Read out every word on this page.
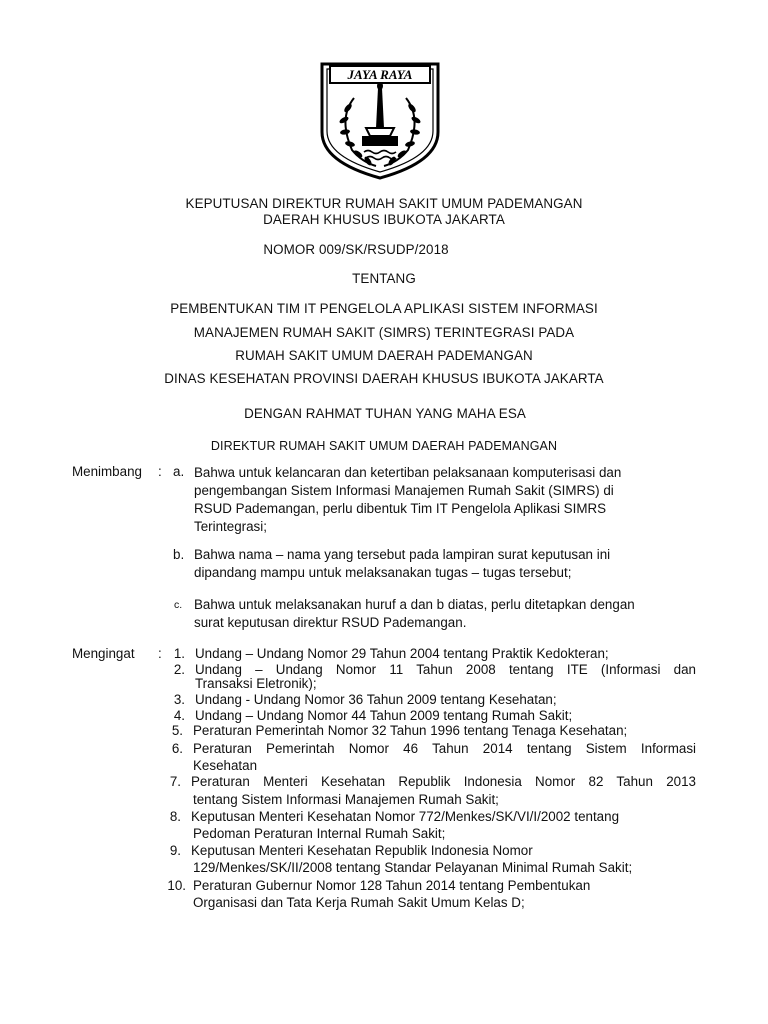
JAYA RAYA
KEPUTUSAN DIREKTUR RUMAH SAKIT UMUM PADEMANGAN
DAERAH KHUSUS IBUKOTA JAKARTA
NOMOR 009/SK/RSUDP/2018
TENTANG
PEMBENTUKAN TIM IT PENGELOLA APLIKASI SISTEM INFORMASI
MANAJEMEN RUMAH SAKIT (SIMRS) TERINTEGRASI PADA
RUMAH SAKIT UMUM DAERAH PADEMANGAN
DINAS KESEHATAN PROVINSI DAERAH KHUSUS IBUKOTA JAKARTA
DENGAN RAHMAT TUHAN YANG MAHA ESA
DIREKTUR RUMAH SAKIT UMUM DAERAH PADEMANGAN
Menimbang : a. Bahwa untuk kelancaran dan ketertiban pelaksanaan komputerisasi dan
pengembangan Sistem Informasi Manajemen Rumah Sakit (SIMRS) di
RSUD Pademangan, perlu dibentuk Tim IT Pengelola Aplikasi SIMRS
Terintegrasi;
b. Bahwa nama – nama yang tersebut pada lampiran surat keputusan ini
dipandang mampu untuk melaksanakan tugas – tugas tersebut;
c. Bahwa untuk melaksanakan huruf a dan b diatas, perlu ditetapkan dengan
surat keputusan direktur RSUD Pademangan.
Mengingat : 1. Undang – Undang Nomor 29 Tahun 2004 tentang Praktik Kedokteran;
2. Undang – Undang Nomor 11 Tahun 2008 tentang ITE (Informasi dan
Transaksi Eletronik);
3. Undang - Undang Nomor 36 Tahun 2009 tentang Kesehatan;
4. Undang – Undang Nomor 44 Tahun 2009 tentang Rumah Sakit;
5. Peraturan Pemerintah Nomor 32 Tahun 1996 tentang Tenaga Kesehatan;
6. Peraturan Pemerintah Nomor 46 Tahun 2014 tentang Sistem Informasi
Kesehatan
7. Peraturan Menteri Kesehatan Republik Indonesia Nomor 82 Tahun 2013
tentang Sistem Informasi Manajemen Rumah Sakit;
8. Keputusan Menteri Kesehatan Nomor 772/Menkes/SK/VI/I/2002 tentang
Pedoman Peraturan Internal Rumah Sakit;
9. Keputusan Menteri Kesehatan Republik Indonesia Nomor
129/Menkes/SK/II/2008 tentang Standar Pelayanan Minimal Rumah Sakit;
10. Peraturan Gubernur Nomor 128 Tahun 2014 tentang Pembentukan
Organisasi dan Tata Kerja Rumah Sakit Umum Kelas D;
